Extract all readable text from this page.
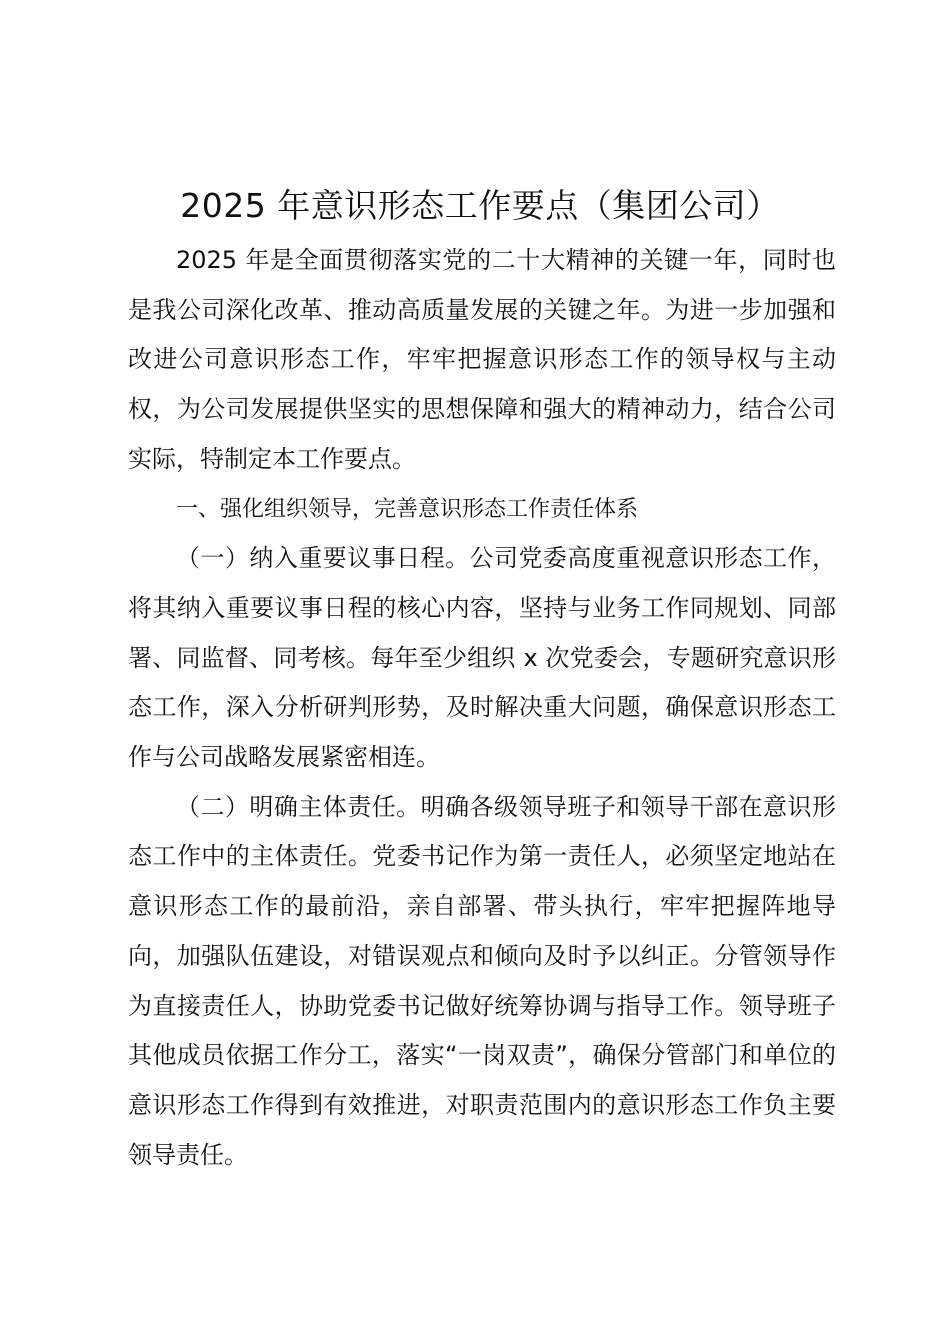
2025 年意识形态工作要点（集团公司）

2025 年是全面贯彻落实党的二十大精神的关键一年，同时也是我公司深化改革、推动高质量发展的关键之年。为进一步加强和改进公司意识形态工作，牢牢把握意识形态工作的领导权与主动权，为公司发展提供坚实的思想保障和强大的精神动力，结合公司实际，特制定本工作要点。

一、强化组织领导，完善意识形态工作责任体系

（一）纳入重要议事日程。公司党委高度重视意识形态工作，将其纳入重要议事日程的核心内容，坚持与业务工作同规划、同部署、同监督、同考核。每年至少组织 x 次党委会，专题研究意识形态工作，深入分析研判形势，及时解决重大问题，确保意识形态工作与公司战略发展紧密相连。

（二）明确主体责任。明确各级领导班子和领导干部在意识形态工作中的主体责任。党委书记作为第一责任人，必须坚定地站在意识形态工作的最前沿，亲自部署、带头执行，牢牢把握阵地导向，加强队伍建设，对错误观点和倾向及时予以纠正。分管领导作为直接责任人，协助党委书记做好统筹协调与指导工作。领导班子其他成员依据工作分工，落实“一岗双责”，确保分管部门和单位的意识形态工作得到有效推进，对职责范围内的意识形态工作负主要领导责任。
